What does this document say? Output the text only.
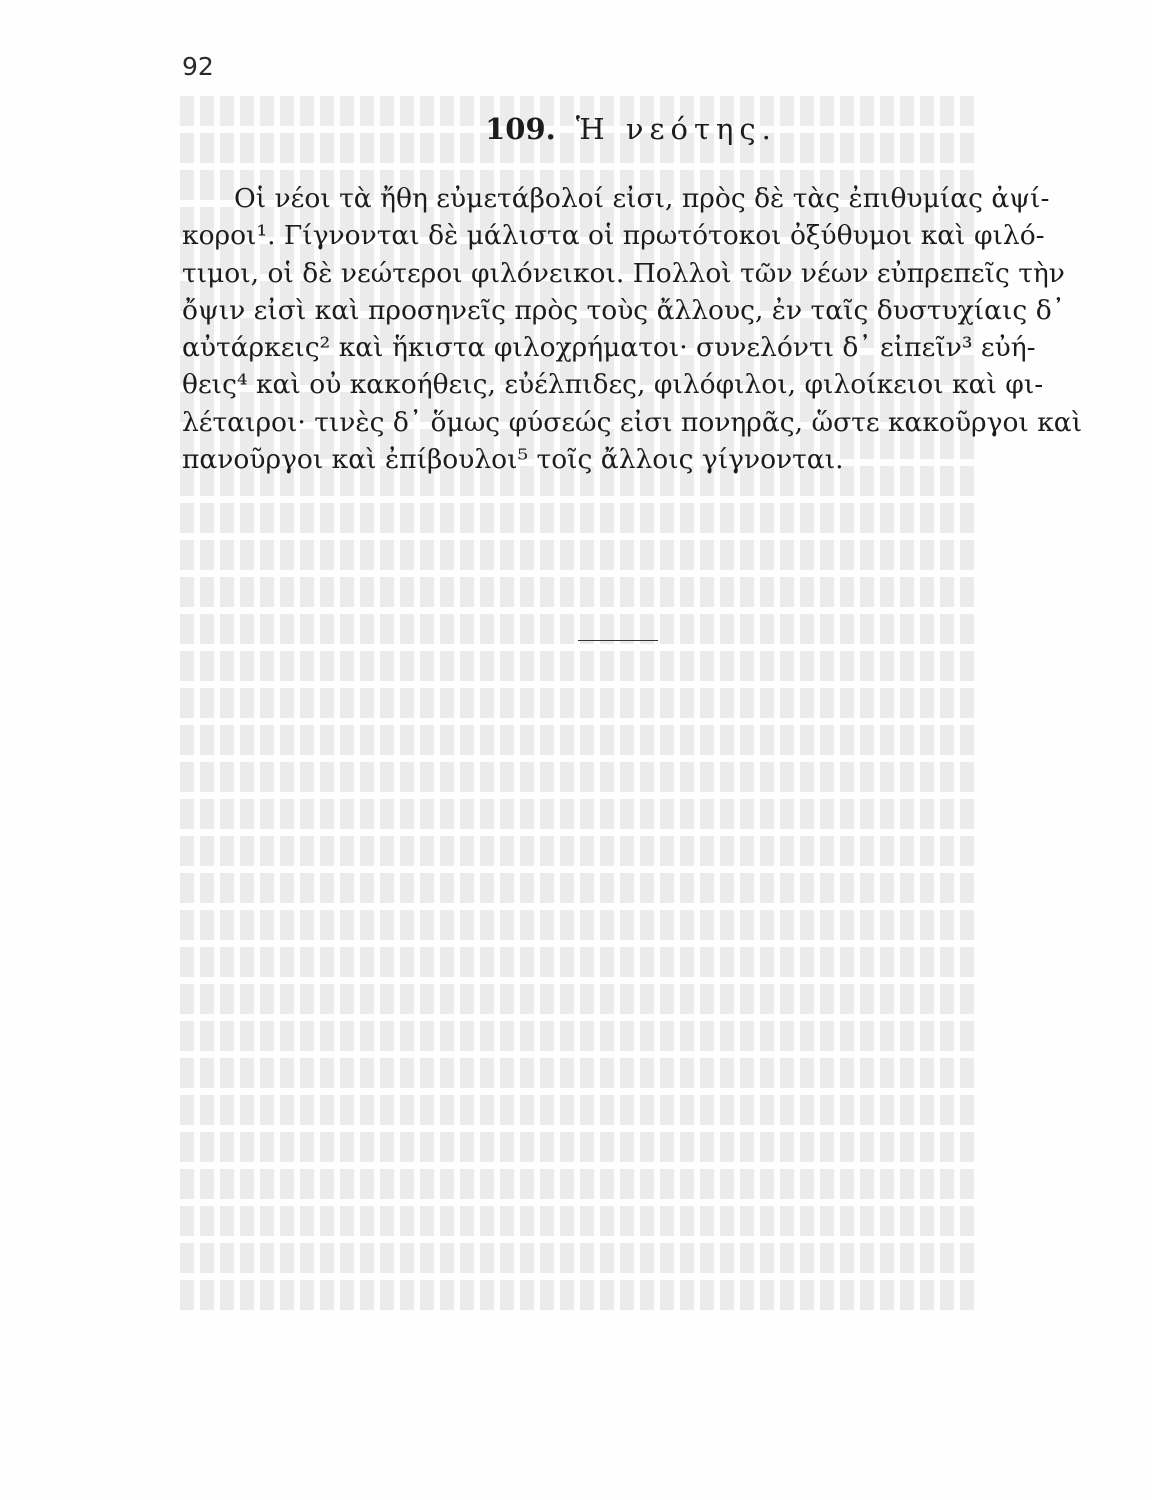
92
109. Ἡ νεότης.
Οἱ νέοι τὰ ἤθη εὐμετάβολοί εἰσι, πρὸς δὲ τὰς ἐπιθυμίας ἀψί-
κοροι¹. Γίγνονται δὲ μάλιστα οἱ πρωτότοκοι ὀξύθυμοι καὶ φιλό-
τιμοι, οἱ δὲ νεώτεροι φιλόνεικοι. Πολλοὶ τῶν νέων εὐπρεπεῖς τὴν
ὄψιν εἰσὶ καὶ προσηνεῖς πρὸς τοὺς ἄλλους, ἐν ταῖς δυστυχίαις δ᾿
αὐτάρκεις² καὶ ἥκιστα φιλοχρήματοι· συνελόντι δ᾿ εἰπεῖν³ εὐή-
θεις⁴ καὶ οὐ κακοήθεις, εὐέλπιδες, φιλόφιλοι, φιλοίκειοι καὶ φι-
λέταιροι· τινὲς δ᾿ ὅμως φύσεώς εἰσι πονηρᾶς, ὥστε κακοῦργοι καὶ
πανοῦργοι καὶ ἐπίβουλοι⁵ τοῖς ἄλλοις γίγνονται.
